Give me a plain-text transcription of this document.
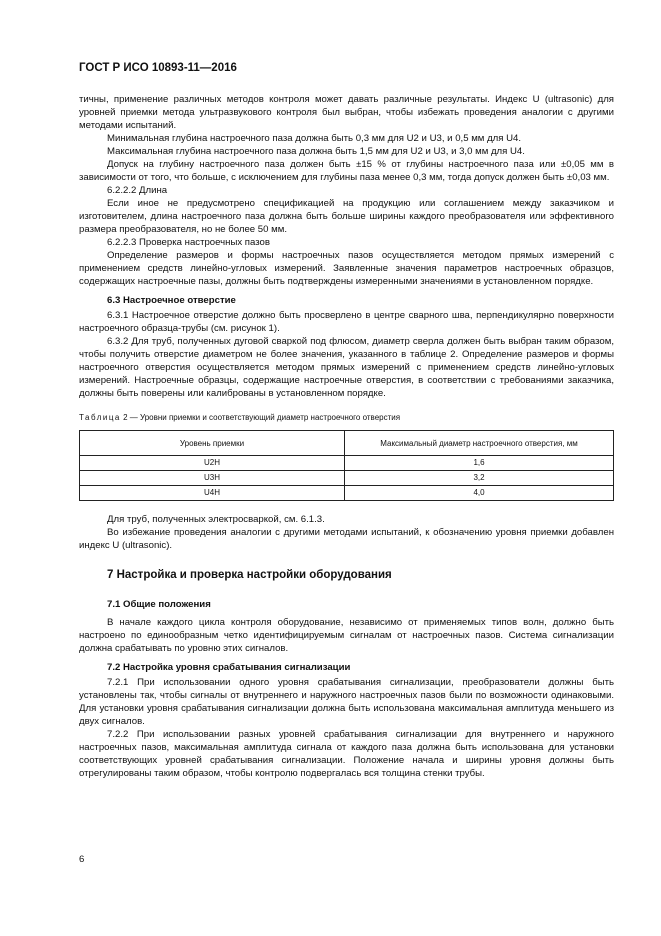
ГОСТ Р ИСО 10893-11—2016

тичны, применение различных методов контроля может давать различные результаты. Индекс U (ultrasonic) для уровней приемки метода ультразвукового контроля был выбран, чтобы избежать проведения аналогии с другими методами испытаний.

Минимальная глубина настроечного паза должна быть 0,3 мм для U2 и U3, и 0,5 мм для U4.

Максимальная глубина настроечного паза должна быть 1,5 мм для U2 и U3, и 3,0 мм для U4.

Допуск на глубину настроечного паза должен быть ±15 % от глубины настроечного паза или ±0,05 мм в зависимости от того, что больше, с исключением для глубины паза менее 0,3 мм, тогда допуск должен быть ±0,03 мм.

6.2.2.2 Длина

Если иное не предусмотрено спецификацией на продукцию или соглашением между заказчиком и изготовителем, длина настроечного паза должна быть больше ширины каждого преобразователя или эффективного размера преобразователя, но не более 50 мм.

6.2.2.3 Проверка настроечных пазов

Определение размеров и формы настроечных пазов осуществляется методом прямых измерений с применением средств линейно-угловых измерений. Заявленные значения параметров настроечных образцов, содержащих настроечные пазы, должны быть подтверждены измеренными значениями в установленном порядке.

6.3 Настроечное отверстие

6.3.1 Настроечное отверстие должно быть просверлено в центре сварного шва, перпендикулярно поверхности настроечного образца-трубы (см. рисунок 1).

6.3.2 Для труб, полученных дуговой сваркой под флюсом, диаметр сверла должен быть выбран таким образом, чтобы получить отверстие диаметром не более значения, указанного в таблице 2. Определение размеров и формы настроечного отверстия осуществляется методом прямых измерений с применением средств линейно-угловых измерений. Настроечные образцы, содержащие настроечные отверстия, в соответствии с требованиями заказчика, должны быть поверены или калиброваны в установленном порядке.

Таблица 2 — Уровни приемки и соответствующий диаметр настроечного отверстия
Уровень приемки	Максимальный диаметр настроечного отверстия, мм
U2H	1,6
U3H	3,2
U4H	4,0

Для труб, полученных электросваркой, см. 6.1.3.

Во избежание проведения аналогии с другими методами испытаний, к обозначению уровня приемки добавлен индекс U (ultrasonic).

7 Настройка и проверка настройки оборудования
7.1 Общие положения

В начале каждого цикла контроля оборудование, независимо от применяемых типов волн, должно быть настроено по единообразным четко идентифицируемым сигналам от настроечных пазов. Система сигнализации должна срабатывать по уровню этих сигналов.

7.2 Настройка уровня срабатывания сигнализации

7.2.1 При использовании одного уровня срабатывания сигнализации, преобразователи должны быть установлены так, чтобы сигналы от внутреннего и наружного настроечных пазов были по возможности одинаковыми. Для установки уровня срабатывания сигнализации должна быть использована максимальная амплитуда меньшего из двух сигналов.

7.2.2 При использовании разных уровней срабатывания сигнализации для внутреннего и наружного настроечных пазов, максимальная амплитуда сигнала от каждого паза должна быть использована для установки соответствующих уровней срабатывания сигнализации. Положение начала и ширины уровня должны быть отрегулированы таким образом, чтобы контролю подвергалась вся толщина стенки трубы.

6
